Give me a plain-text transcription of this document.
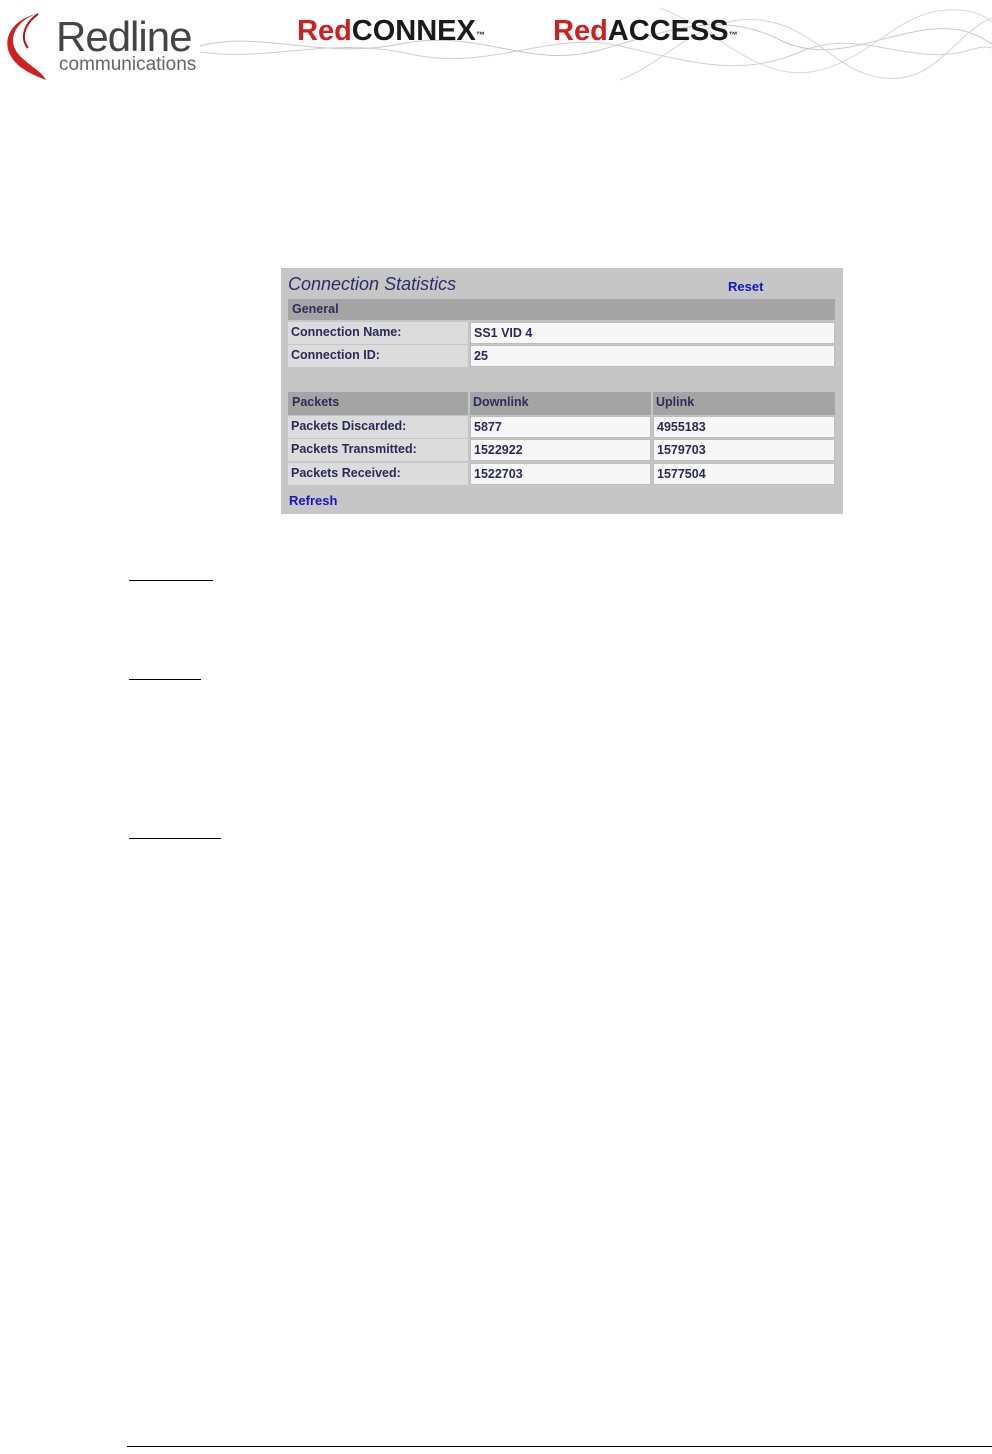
Redline
communications
RedCONNEX™ RedACCESS™
Connection Statistics	Reset
General
Connection Name:	SS1 VID 4
Connection ID:	25
Packets	Downlink	Uplink
Packets Discarded:	5877	4955183
Packets Transmitted:	1522922	1579703
Packets Received:	1522703	1577504
Refresh
